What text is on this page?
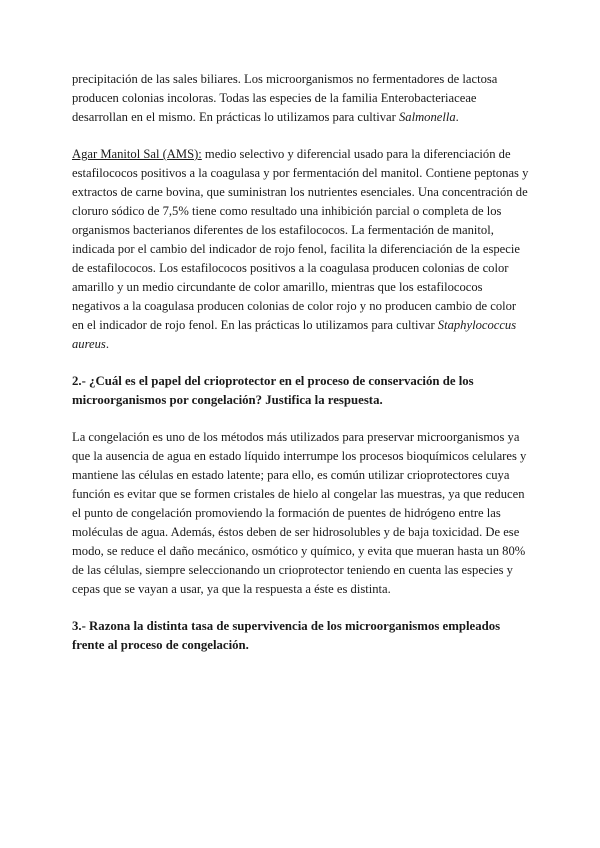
precipitación de las sales biliares. Los microorganismos no fermentadores de lactosa producen colonias incoloras. Todas las especies de la familia Enterobacteriaceae desarrollan en el mismo. En prácticas lo utilizamos para cultivar Salmonella.

Agar Manitol Sal (AMS): medio selectivo y diferencial usado para la diferenciación de estafilococos positivos a la coagulasa y por fermentación del manitol. Contiene peptonas y extractos de carne bovina, que suministran los nutrientes esenciales. Una concentración de cloruro sódico de 7,5% tiene como resultado una inhibición parcial o completa de los organismos bacterianos diferentes de los estafilococos. La fermentación de manitol, indicada por el cambio del indicador de rojo fenol, facilita la diferenciación de la especie de estafilococos. Los estafilococos positivos a la coagulasa producen colonias de color amarillo y un medio circundante de color amarillo, mientras que los estafilococos negativos a la coagulasa producen colonias de color rojo y no producen cambio de color en el indicador de rojo fenol. En las prácticas lo utilizamos para cultivar Staphylococcus aureus.

2.- ¿Cuál es el papel del crioprotector en el proceso de conservación de los microorganismos por congelación? Justifica la respuesta.

La congelación es uno de los métodos más utilizados para preservar microorganismos ya que la ausencia de agua en estado líquido interrumpe los procesos bioquímicos celulares y mantiene las células en estado latente; para ello, es común utilizar crioprotectores cuya función es evitar que se formen cristales de hielo al congelar las muestras, ya que reducen el punto de congelación promoviendo la formación de puentes de hidrógeno entre las moléculas de agua. Además, éstos deben de ser hidrosolubles y de baja toxicidad. De ese modo, se reduce el daño mecánico, osmótico y químico, y evita que mueran hasta un 80% de las células, siempre seleccionando un crioprotector teniendo en cuenta las especies y cepas que se vayan a usar, ya que la respuesta a éste es distinta.

3.- Razona la distinta tasa de supervivencia de los microorganismos empleados frente al proceso de congelación.
